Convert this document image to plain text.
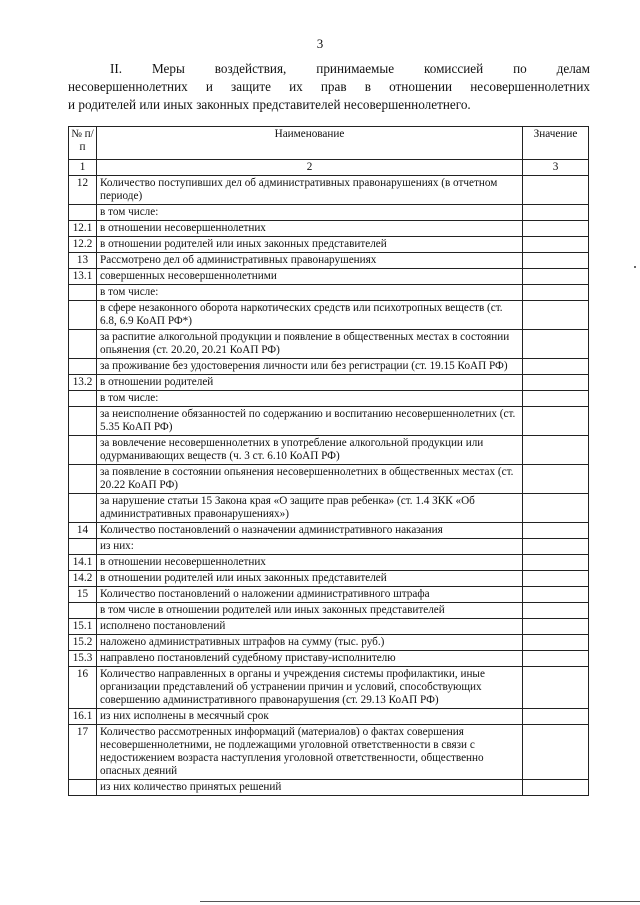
3
II. Меры воздействия, принимаемые комиссией по делам
несовершеннолетних и защите их прав в отношении несовершеннолетних
и родителей или иных законных представителей несовершеннолетнего.
№ п/п	Наименование	Значение
1	2	3
12	Количество поступивших дел об административных правонарушениях (в отчетном периоде)	
	в том числе:	
12.1	в отношении несовершеннолетних	
12.2	в отношении родителей или иных законных представителей	
13	Рассмотрено дел об административных правонарушениях	
13.1	совершенных несовершеннолетними	
	в том числе:	
	в сфере незаконного оборота наркотических средств или психотропных веществ (ст. 6.8, 6.9 КоАП РФ*)	
	за распитие алкогольной продукции и появление в общественных местах в состоянии опьянения (ст. 20.20, 20.21 КоАП РФ)	
	за проживание без удостоверения личности или без регистрации (ст. 19.15 КоАП РФ)	
13.2	в отношении родителей	
	в том числе:	
	за неисполнение обязанностей по содержанию и воспитанию несовершеннолетних (ст. 5.35 КоАП РФ)	
	за вовлечение несовершеннолетних в употребление алкогольной продукции или одурманивающих веществ (ч. 3 ст. 6.10 КоАП РФ)	
	за появление в состоянии опьянения несовершеннолетних в общественных местах (ст. 20.22 КоАП РФ)	
	за нарушение статьи 15 Закона края «О защите прав ребенка» (ст. 1.4 ЗКК «Об административных правонарушениях»)	
14	Количество постановлений о назначении административного наказания	
	из них:	
14.1	в отношении несовершеннолетних	
14.2	в отношении родителей или иных законных представителей	
15	Количество постановлений о наложении административного штрафа	
	в том числе в отношении родителей или иных законных представителей	
15.1	исполнено постановлений	
15.2	наложено административных штрафов на сумму (тыс. руб.)	
15.3	направлено постановлений судебному приставу-исполнителю	
16	Количество направленных в органы и учреждения системы профилактики, иные организации представлений об устранении причин и условий, способствующих совершению административного правонарушения (ст. 29.13 КоАП РФ)	
16.1	из них исполнены в месячный срок	
17	Количество рассмотренных информаций (материалов) о фактах совершения несовершеннолетними, не подлежащими уголовной ответственности в связи с недостижением возраста наступления уголовной ответственности, общественно опасных деяний	
	из них количество принятых решений	
